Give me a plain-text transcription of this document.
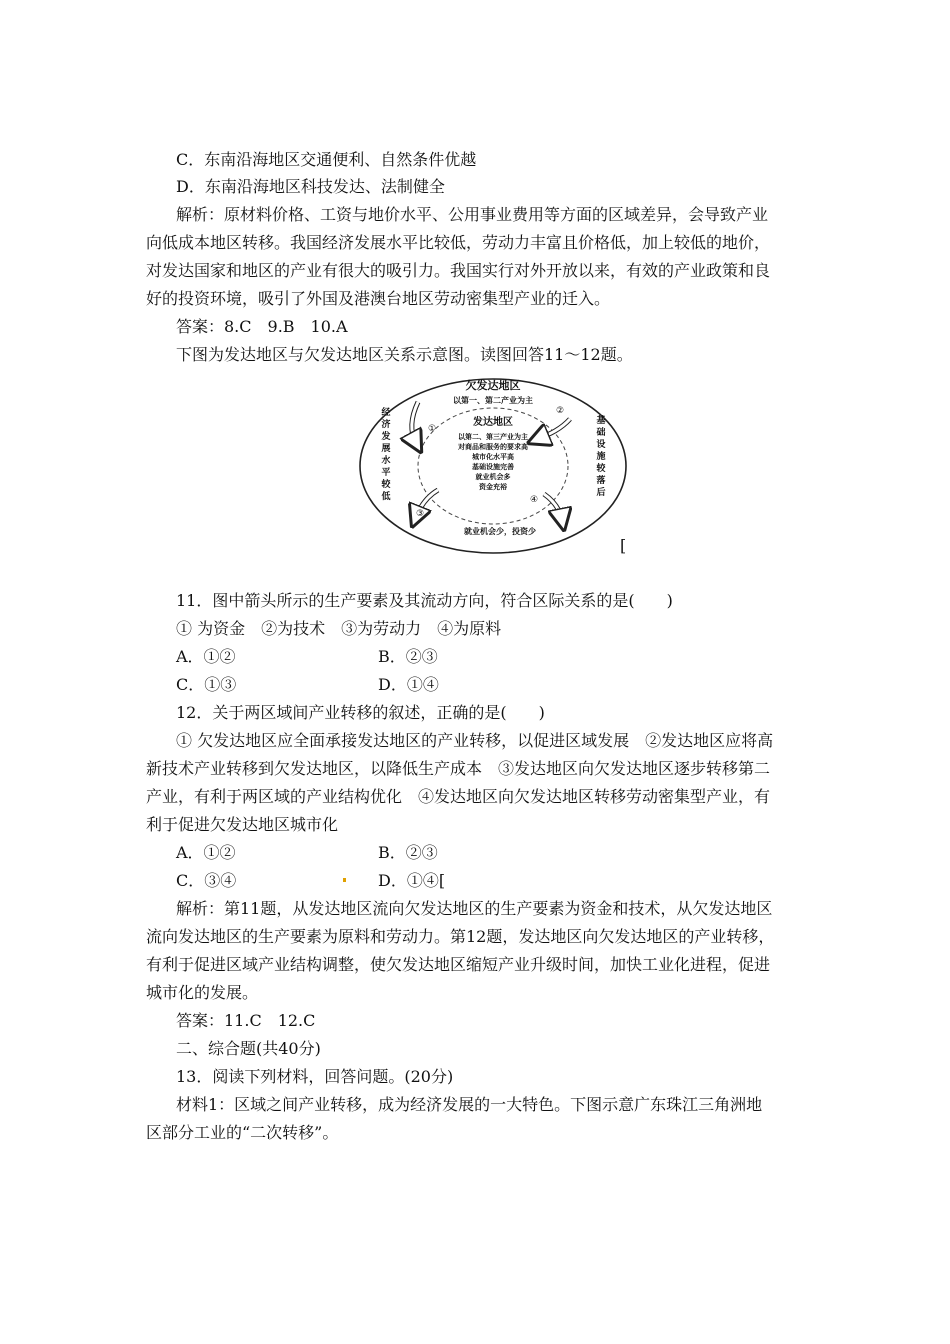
C．东南沿海地区交通便利、自然条件优越
D．东南沿海地区科技发达、法制健全
解析：原材料价格、工资与地价水平、公用事业费用等方面的区域差异，会导致产业
向低成本地区转移。我国经济发展水平比较低，劳动力丰富且价格低，加上较低的地价，
对发达国家和地区的产业有很大的吸引力。我国实行对外开放以来，有效的产业政策和良
好的投资环境，吸引了外国及港澳台地区劳动密集型产业的迁入。
答案：8.C　9.B　10.A
下图为发达地区与欠发达地区关系示意图。读图回答11～12题。
欠发达地区
以第一、第二产业为主
经
济
发
展
水
平
较
低
基
础
设
施
较
落
后
发达地区
以第二、第三产业为主
对商品和服务的要求高
城市化水平高
基础设施完善
就业机会多
资金充裕
就业机会少，投资少
①
②
③
④
[
11．图中箭头所示的生产要素及其流动方向，符合区际关系的是(　　)
① 为资金　②为技术　③为劳动力　④为原料
A．①②	B．②③
C．①③	D．①④
12．关于两区域间产业转移的叙述，正确的是(　　)
① 欠发达地区应全面承接发达地区的产业转移，以促进区域发展　②发达地区应将高
新技术产业转移到欠发达地区，以降低生产成本　③发达地区向欠发达地区逐步转移第二
产业，有利于两区域的产业结构优化　④发达地区向欠发达地区转移劳动密集型产业，有
利于促进欠发达地区城市化
A．①②	B．②③
C．③④	D．①④[
解析：第11题，从发达地区流向欠发达地区的生产要素为资金和技术，从欠发达地区
流向发达地区的生产要素为原料和劳动力。第12题，发达地区向欠发达地区的产业转移，
有利于促进区域产业结构调整，使欠发达地区缩短产业升级时间，加快工业化进程，促进
城市化的发展。
答案：11.C　12.C
二、综合题(共40分)
13．阅读下列材料，回答问题。(20分)
材料1：区域之间产业转移，成为经济发展的一大特色。下图示意广东珠江三角洲地
区部分工业的“二次转移”。
